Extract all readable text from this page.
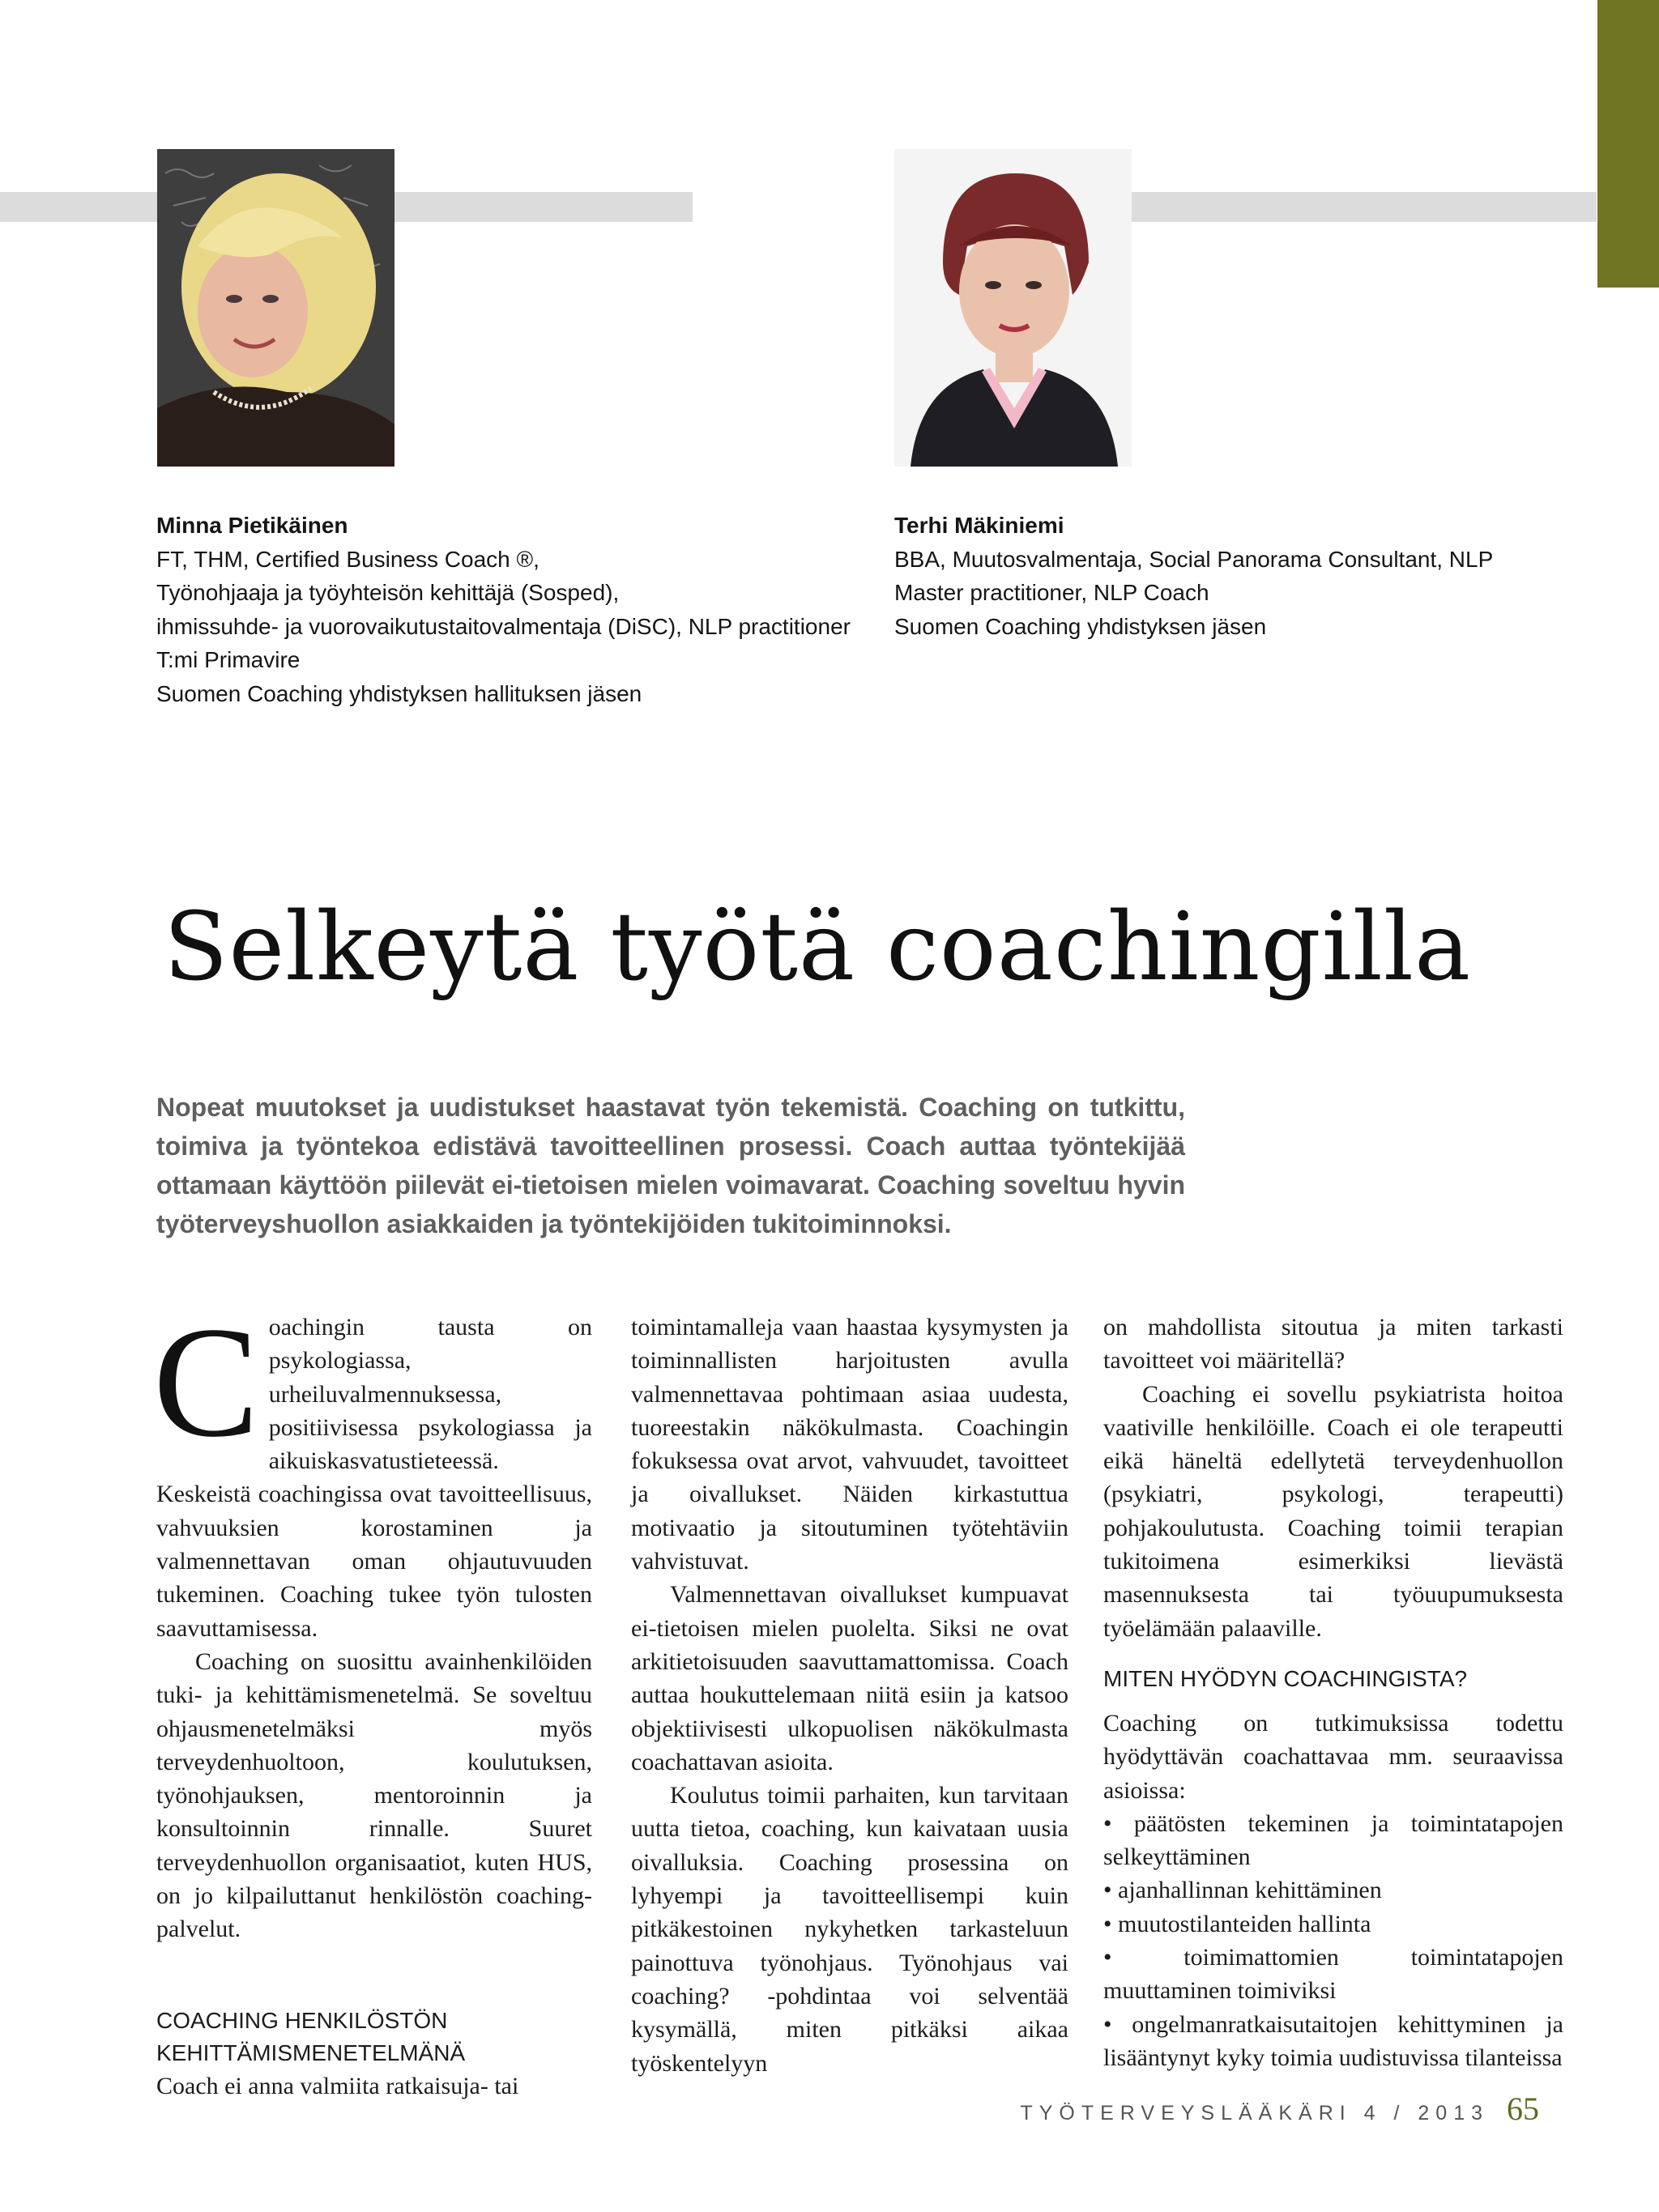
Minna Pietikäinen
FT, THM, Certified Business Coach ®,
Työnohjaaja ja työyhteisön kehittäjä (Sosped),
ihmissuhde- ja vuorovaikutustaitovalmentaja (DiSC), NLP practitioner
T:mi Primavire
Suomen Coaching yhdistyksen hallituksen jäsen
Terhi Mäkiniemi
BBA, Muutosvalmentaja, Social Panorama Consultant, NLP
Master practitioner, NLP Coach
Suomen Coaching yhdistyksen jäsen
Selkeytä työtä coachingilla

Nopeat muutokset ja uudistukset haastavat työn tekemistä. Coaching on tutkittu, toimiva ja työntekoa edistävä tavoitteellinen prosessi. Coach auttaa työntekijää ottamaan käyttöön piilevät ei-tietoisen mielen voimavarat. Coaching soveltuu hyvin työterveyshuollon asiakkaiden ja työntekijöiden tukitoiminnoksi.

Coachingin tausta on psykologiassa, urheiluvalmennuksessa, positiivisessa psykologiassa ja aikuiskasvatustieteessä. Keskeistä coachingissa ovat tavoitteellisuus, vahvuuksien korostaminen ja valmennettavan oman ohjautuvuuden tukeminen. Coaching tukee työn tulosten saavuttamisessa.

Coaching on suosittu avainhenkilöiden tuki- ja kehittämismenetelmä. Se soveltuu ohjausmenetelmäksi myös terveydenhuoltoon, koulutuksen, työnohjauksen, mentoroinnin ja konsultoinnin rinnalle. Suuret terveydenhuollon organisaatiot, kuten HUS, on jo kilpailuttanut henkilöstön coaching-palvelut.

COACHING HENKILÖSTÖN KEHITTÄMISMENETELMÄNÄ

Coach ei anna valmiita ratkaisuja- tai

toimintamalleja vaan haastaa kysymysten ja toiminnallisten harjoitusten avulla valmennettavaa pohtimaan asiaa uudesta, tuoreestakin näkökulmasta. Coachingin fokuksessa ovat arvot, vahvuudet, tavoitteet ja oivallukset. Näiden kirkastuttua motivaatio ja sitoutuminen työtehtäviin vahvistuvat.

Valmennettavan oivallukset kumpuavat ei-tietoisen mielen puolelta. Siksi ne ovat arkitietoisuuden saavuttamattomissa. Coach auttaa houkuttelemaan niitä esiin ja katsoo objektiivisesti ulkopuolisen näkökulmasta coachattavan asioita.

Koulutus toimii parhaiten, kun tarvitaan uutta tietoa, coaching, kun kaivataan uusia oivalluksia. Coaching prosessina on lyhyempi ja tavoitteellisempi kuin pitkäkestoinen nykyhetken tarkasteluun painottuva työnohjaus. Työnohjaus vai coaching? -pohdintaa voi selventää kysymällä, miten pitkäksi aikaa työskentelyyn

on mahdollista sitoutua ja miten tarkasti tavoitteet voi määritellä?

Coaching ei sovellu psykiatrista hoitoa vaativille henkilöille. Coach ei ole terapeutti eikä häneltä edellytetä terveydenhuollon (psykiatri, psykologi, terapeutti) pohjakoulutusta. Coaching toimii terapian tukitoimena esimerkiksi lievästä masennuksesta tai työuupumuksesta työelämään palaaville.

MITEN HYÖDYN COACHINGISTA?

Coaching on tutkimuksissa todettu hyödyttävän coachattavaa mm. seuraavissa asioissa:

• päätösten tekeminen ja toimintatapojen selkeyttäminen
• ajanhallinnan kehittäminen
• muutostilanteiden hallinta
• toimimattomien toimintatapojen muuttaminen toimiviksi
• ongelmanratkaisutaitojen kehittyminen ja lisääntynyt kyky toimia uudistuvissa tilanteissa
TYÖTERVEYSLÄÄKÄRI 4 / 2013 65
